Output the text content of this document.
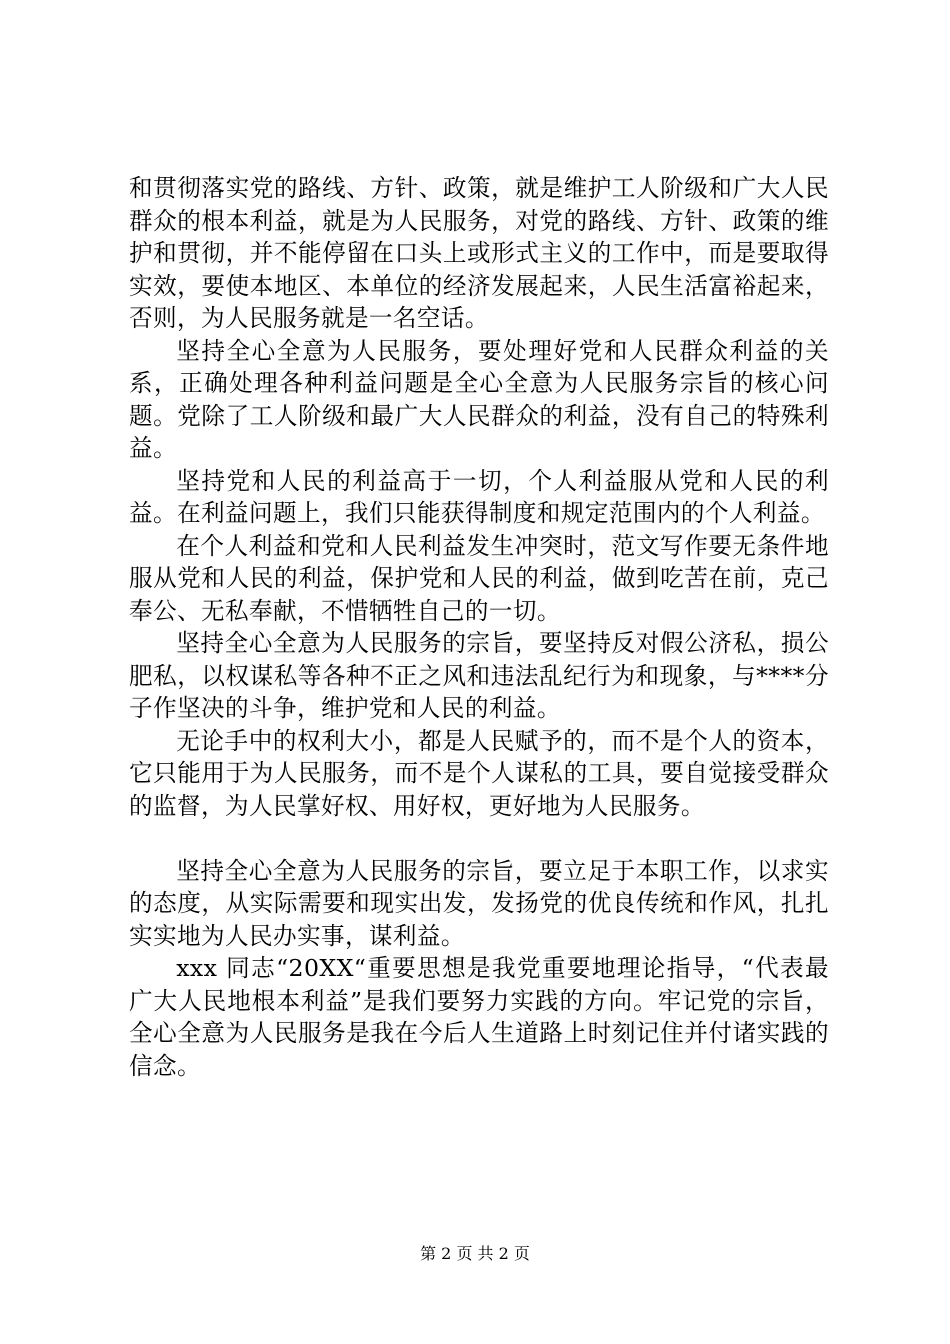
和贯彻落实党的路线、方针、政策，就是维护工人阶级和广大人民群众的根本利益，就是为人民服务，对党的路线、方针、政策的维护和贯彻，并不能停留在口头上或形式主义的工作中，而是要取得实效，要使本地区、本单位的经济发展起来，人民生活富裕起来，否则，为人民服务就是一名空话。

坚持全心全意为人民服务，要处理好党和人民群众利益的关系，正确处理各种利益问题是全心全意为人民服务宗旨的核心问题。党除了工人阶级和最广大人民群众的利益，没有自己的特殊利益。

坚持党和人民的利益高于一切，个人利益服从党和人民的利益。在利益问题上，我们只能获得制度和规定范围内的个人利益。

在个人利益和党和人民利益发生冲突时，范文写作要无条件地服从党和人民的利益，保护党和人民的利益，做到吃苦在前，克己奉公、无私奉献，不惜牺牲自己的一切。

坚持全心全意为人民服务的宗旨，要坚持反对假公济私，损公肥私，以权谋私等各种不正之风和违法乱纪行为和现象，与****分子作坚决的斗争，维护党和人民的利益。

无论手中的权利大小，都是人民赋予的，而不是个人的资本，它只能用于为人民服务，而不是个人谋私的工具，要自觉接受群众的监督，为人民掌好权、用好权，更好地为人民服务。

坚持全心全意为人民服务的宗旨，要立足于本职工作，以求实的态度，从实际需要和现实出发，发扬党的优良传统和作风，扎扎实实地为人民办实事，谋利益。

xxx 同志“20XX“重要思想是我党重要地理论指导，“代表最广大人民地根本利益”是我们要努力实践的方向。牢记党的宗旨，全心全意为人民服务是我在今后人生道路上时刻记住并付诸实践的信念。

第 2 页 共 2 页
